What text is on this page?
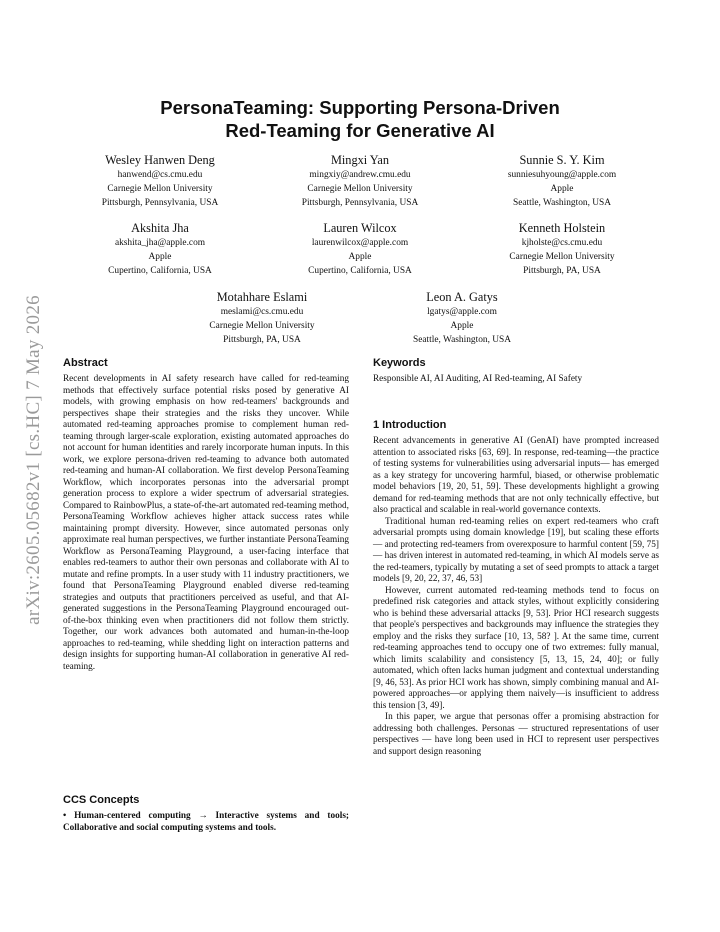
arXiv:2605.05682v1 [cs.HC] 7 May 2026
PersonaTeaming: Supporting Persona-Driven
Red-Teaming for Generative AI
Wesley Hanwen Deng
hanwend@cs.cmu.edu
Carnegie Mellon University
Pittsburgh, Pennsylvania, USA
Mingxi Yan
mingxiy@andrew.cmu.edu
Carnegie Mellon University
Pittsburgh, Pennsylvania, USA
Sunnie S. Y. Kim
sunniesuhyoung@apple.com
Apple
Seattle, Washington, USA
Akshita Jha
akshita_jha@apple.com
Apple
Cupertino, California, USA
Lauren Wilcox
laurenwilcox@apple.com
Apple
Cupertino, California, USA
Kenneth Holstein
kjholste@cs.cmu.edu
Carnegie Mellon University
Pittsburgh, PA, USA
Motahhare Eslami
meslami@cs.cmu.edu
Carnegie Mellon University
Pittsburgh, PA, USA
Leon A. Gatys
lgatys@apple.com
Apple
Seattle, Washington, USA
Abstract

Recent developments in AI safety research have called for red-teaming methods that effectively surface potential risks posed by generative AI models, with growing emphasis on how red-teamers' backgrounds and perspectives shape their strategies and the risks they uncover. While automated red-teaming approaches promise to complement human red-teaming through larger-scale exploration, existing automated approaches do not account for human identities and rarely incorporate human inputs. In this work, we explore persona-driven red-teaming to advance both automated red-teaming and human-AI collaboration. We first develop PersonaTeaming Workflow, which incorporates personas into the adversarial prompt generation process to explore a wider spectrum of adversarial strategies. Compared to RainbowPlus, a state-of-the-art automated red-teaming method, PersonaTeaming Workflow achieves higher attack success rates while maintaining prompt diversity. However, since automated personas only approximate real human perspectives, we further instantiate PersonaTeaming Workflow as PersonaTeaming Playground, a user-facing interface that enables red-teamers to author their own personas and collaborate with AI to mutate and refine prompts. In a user study with 11 industry practitioners, we found that PersonaTeaming Playground enabled diverse red-teaming strategies and outputs that practitioners perceived as useful, and that AI-generated suggestions in the PersonaTeaming Playground encouraged out-of-the-box thinking even when practitioners did not follow them strictly. Together, our work advances both automated and human-in-the-loop approaches to red-teaming, while shedding light on interaction patterns and design insights for supporting human-AI collaboration in generative AI red-teaming.

CCS Concepts

• Human-centered computing → Interactive systems and tools; Collaborative and social computing systems and tools.

Keywords

Responsible AI, AI Auditing, AI Red-teaming, AI Safety

1 Introduction

Recent advancements in generative AI (GenAI) have prompted increased attention to associated risks [63, 69]. In response, red-teaming—the practice of testing systems for vulnerabilities using adversarial inputs— has emerged as a key strategy for uncovering harmful, biased, or otherwise problematic model behaviors [19, 20, 51, 59]. These developments highlight a growing demand for red-teaming methods that are not only technically effective, but also practical and scalable in real-world governance contexts.

Traditional human red-teaming relies on expert red-teamers who craft adversarial prompts using domain knowledge [19], but scaling these efforts — and protecting red-teamers from overexposure to harmful content [59, 75] — has driven interest in automated red-teaming, in which AI models serve as the red-teamers, typically by mutating a set of seed prompts to attack a target models [9, 20, 22, 37, 46, 53]

However, current automated red-teaming methods tend to focus on predefined risk categories and attack styles, without explicitly considering who is behind these adversarial attacks [9, 53]. Prior HCI research suggests that people's perspectives and backgrounds may influence the strategies they employ and the risks they surface [10, 13, 58? ]. At the same time, current red-teaming approaches tend to occupy one of two extremes: fully manual, which limits scalability and consistency [5, 13, 15, 24, 40]; or fully automated, which often lacks human judgment and contextual understanding [9, 46, 53]. As prior HCI work has shown, simply combining manual and AI-powered approaches—or applying them naively—is insufficient to address this tension [3, 49].

In this paper, we argue that personas offer a promising abstraction for addressing both challenges. Personas — structured representations of user perspectives — have long been used in HCI to represent user perspectives and support design reasoning
